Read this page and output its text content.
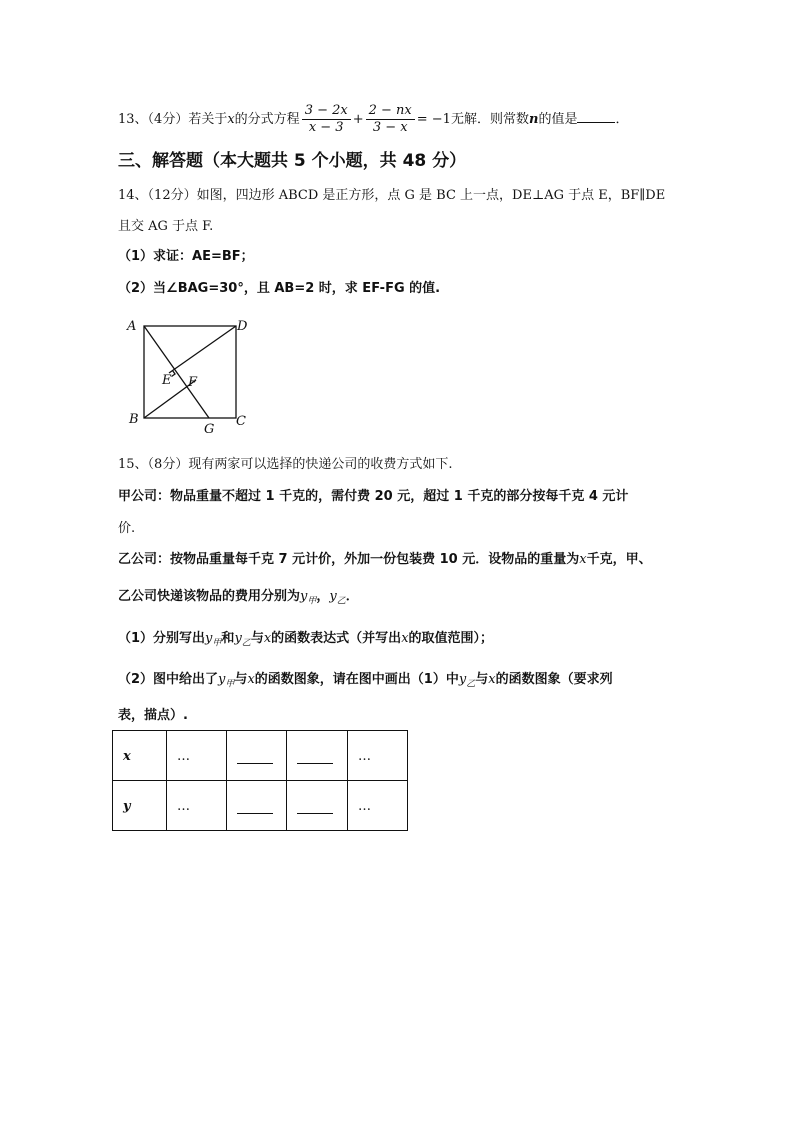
13、（4分）若关于x的分式方程 $\frac{3 - 2x}{x - 3} + \frac{2 - nx}{3 - x} = -1$无解．则常数n的值是	．
三、解答题（本大题共 5 个小题，共 48 分）
14、（12分）如图，四边形 ABCD 是正方形，点 G 是 BC 上一点，DE⊥AG 于点 E，BF∥DE
且交 AG 于点 F.
（1）求证：AE=BF；
（2）当∠BAG=30°，且 AB=2 时，求 EF-FG 的值.
A	D
B	C
G
E F
15、（8分）现有两家可以选择的快递公司的收费方式如下.
甲公司：物品重量不超过 1 千克的，需付费 20 元，超过 1 千克的部分按每千克 4 元计
价.
乙公司：按物品重量每千克 7 元计价，外加一份包装费 10 元．设物品的重量为x千克，甲、
乙公司快递该物品的费用分别为$y_甲$，$y_乙$．
（1）分别写出$y_甲$和$y_乙$与x的函数表达式（并写出x的取值范围）；
（2）图中给出了$y_甲$与x的函数图象，请在图中画出（1）中$y_乙$与x的函数图象（要求列
表，描点）.
x	…			…
y	…			…
